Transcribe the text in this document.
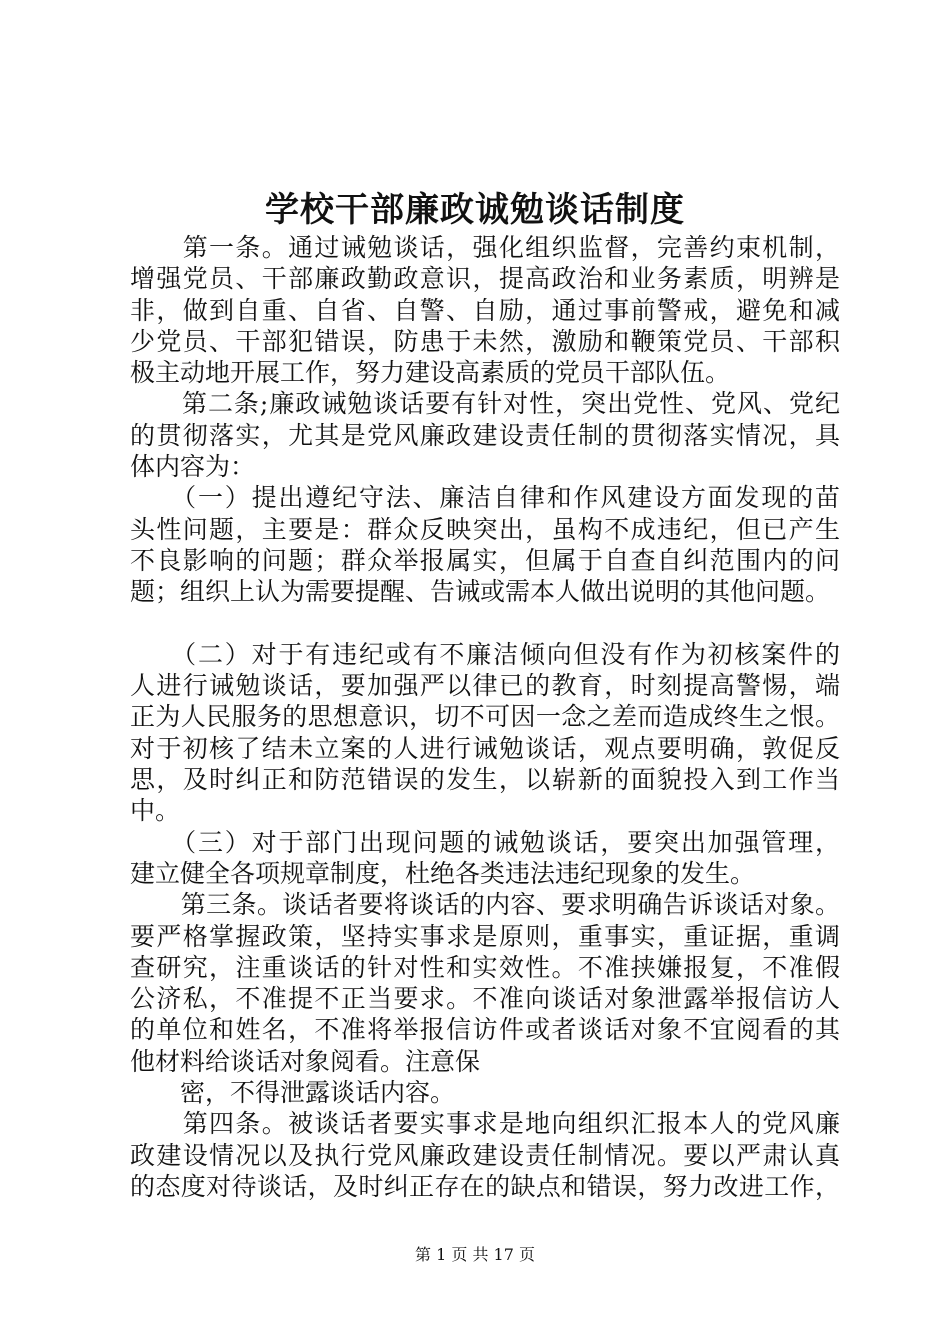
学校干部廉政诚勉谈话制度
　　第一条。通过诫勉谈话，强化组织监督，完善约束机制，
增强党员、干部廉政勤政意识，提高政治和业务素质，明辨是
非，做到自重、自省、自警、自励，通过事前警戒，避免和减
少党员、干部犯错误，防患于未然，激励和鞭策党员、干部积
极主动地开展工作，努力建设高素质的党员干部队伍。
　　第二条;廉政诫勉谈话要有针对性，突出党性、党风、党纪
的贯彻落实，尤其是党风廉政建设责任制的贯彻落实情况，具
体内容为：
　　（一）提出遵纪守法、廉洁自律和作风建设方面发现的苗
头性问题，主要是：群众反映突出，虽构不成违纪，但已产生
不良影响的问题；群众举报属实，但属于自查自纠范围内的问
题；组织上认为需要提醒、告诫或需本人做出说明的其他问题。
　　（二）对于有违纪或有不廉洁倾向但没有作为初核案件的
人进行诫勉谈话，要加强严以律已的教育，时刻提高警惕，端
正为人民服务的思想意识，切不可因一念之差而造成终生之恨。
对于初核了结未立案的人进行诫勉谈话，观点要明确，敦促反
思，及时纠正和防范错误的发生，以崭新的面貌投入到工作当
中。
　　（三）对于部门出现问题的诫勉谈话，要突出加强管理，
建立健全各项规章制度，杜绝各类违法违纪现象的发生。
　　第三条。谈话者要将谈话的内容、要求明确告诉谈话对象。
要严格掌握政策，坚持实事求是原则，重事实，重证据，重调
查研究，注重谈话的针对性和实效性。不准挟嫌报复，不准假
公济私，不准提不正当要求。不准向谈话对象泄露举报信访人
的单位和姓名，不准将举报信访件或者谈话对象不宜阅看的其
他材料给谈话对象阅看。注意保
　　密，不得泄露谈话内容。
　　第四条。被谈话者要实事求是地向组织汇报本人的党风廉
政建设情况以及执行党风廉政建设责任制情况。要以严肃认真
的态度对待谈话，及时纠正存在的缺点和错误，努力改进工作，
第 1 页 共 17 页
